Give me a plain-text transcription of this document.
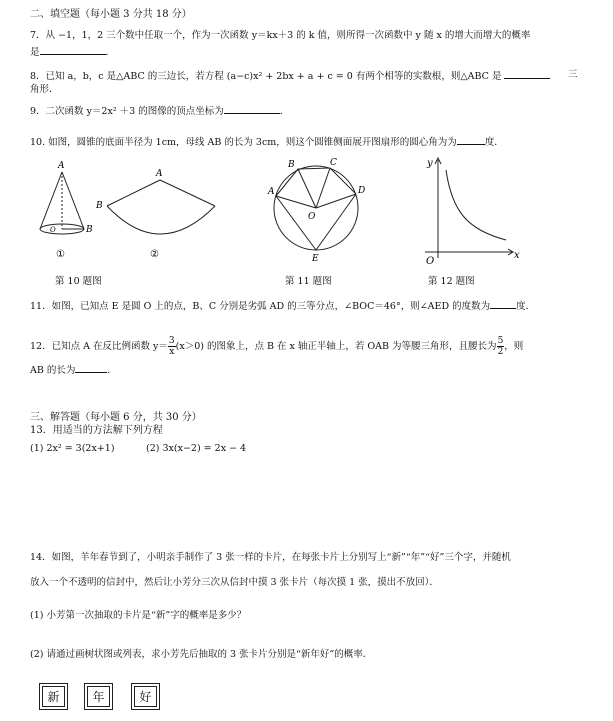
二、填空题（每小题 3 分共 18 分）
7．从 −1，1，2 三个数中任取一个，作为一次函数 y＝kx＋3 的 k 值，则所得一次函数中 y 随 x 的增大而增大的概率
是	．
8．已知 a，b，c 是△ABC 的三边长，若方程 (a−c)x² + 2bx + a + c = 0 有两个相等的实数根，则△ABC 是	三
角形．
9．二次函数 y＝2x² ＋3 的图像的顶点坐标为	．
10. 如图，圆锥的底面半径为 1cm，母线 AB 的长为 3cm，则这个圆锥侧面展开图扇形的圆心角为为	度．
A
B
O
①
A
B
②
A
B	C
D
E
O
y
x
O
第 10 题图	第 11 题图	第 12 题图
11．如图，已知点 E 是圆 O 上的点，B、C 分别是劣弧 AD 的三等分点，∠BOC＝46°，则∠AED 的度数为	度．
12．已知点 A 在反比例函数 $y= \frac{3}{x} (x>0)$ 的图象上，点 B 在 x 轴正半轴上，若 OAB 为等腰三角形，且腰长为 $\frac{5}{2}$ ，则
AB 的长为	．
三、解答题（每小题 6 分，共 30 分）
13．用适当的方法解下列方程
(1) 2x² = 3(2x+1)	(2) 3x(x−2) = 2x − 4
14．如图，羊年春节到了，小明亲手制作了 3 张一样的卡片，在每张卡片上分别写上“新”“年”“好”三个字，并随机
放入一个不透明的信封中，然后让小芳分三次从信封中摸 3 张卡片（每次摸 1 张，摸出不放回）．
(1) 小芳第一次抽取的卡片是“新”字的概率是多少？
(2) 请通过画树状图或列表，求小芳先后抽取的 3 张卡片分别是“新年好”的概率．
新	年	好
